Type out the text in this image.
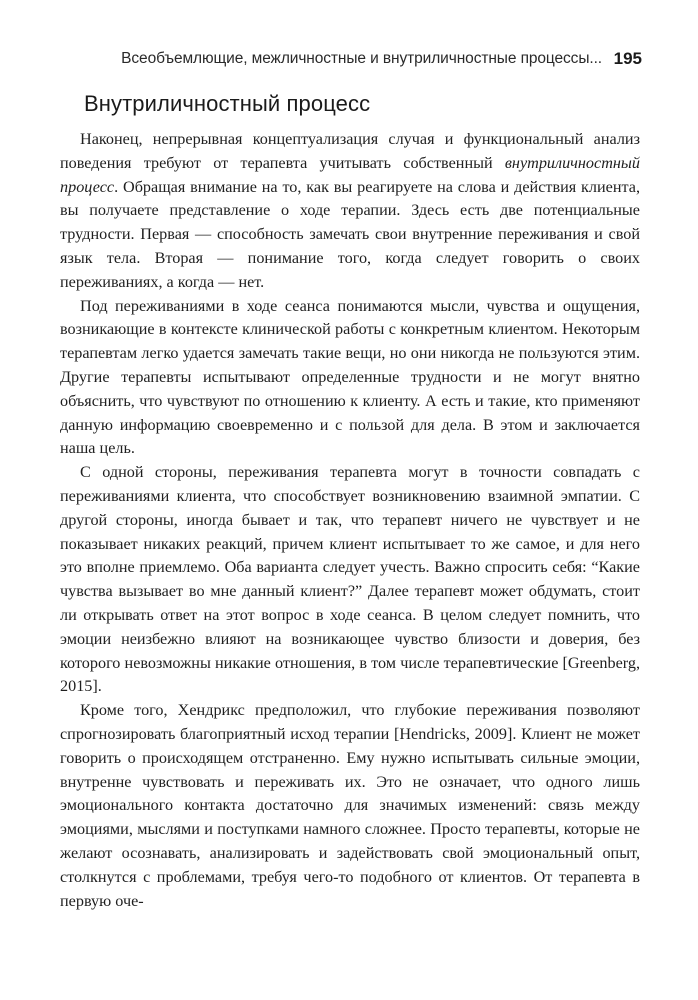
Всеобъемлющие, межличностные и внутриличностные процессы... 195
Внутриличностный процесс

Наконец, непрерывная концептуализация случая и функциональный анализ поведения требуют от терапевта учитывать собственный внутриличностный процесс. Обращая внимание на то, как вы реагируете на слова и действия клиента, вы получаете представление о ходе терапии. Здесь есть две потенциальные трудности. Первая — способность замечать свои внутренние переживания и свой язык тела. Вторая — понимание того, когда следует говорить о своих переживаниях, а когда — нет.

Под переживаниями в ходе сеанса понимаются мысли, чувства и ощущения, возникающие в контексте клинической работы с конкретным клиентом. Некоторым терапевтам легко удается замечать такие вещи, но они никогда не пользуются этим. Другие терапевты испытывают определенные трудности и не могут внятно объяснить, что чувствуют по отношению к клиенту. А есть и такие, кто применяют данную информацию своевременно и с пользой для дела. В этом и заключается наша цель.

С одной стороны, переживания терапевта могут в точности совпадать с переживаниями клиента, что способствует возникновению взаимной эмпатии. С другой стороны, иногда бывает и так, что терапевт ничего не чувствует и не показывает никаких реакций, причем клиент испытывает то же самое, и для него это вполне приемлемо. Оба варианта следует учесть. Важно спросить себя: “Какие чувства вызывает во мне данный клиент?” Далее терапевт может обдумать, стоит ли открывать ответ на этот вопрос в ходе сеанса. В целом следует помнить, что эмоции неизбежно влияют на возникающее чувство близости и доверия, без которого невозможны никакие отношения, в том числе терапевтические [Greenberg, 2015].

Кроме того, Хендрикс предположил, что глубокие переживания позволяют спрогнозировать благоприятный исход терапии [Hendricks, 2009]. Клиент не может говорить о происходящем отстраненно. Ему нужно испытывать сильные эмоции, внутренне чувствовать и переживать их. Это не означает, что одного лишь эмоционального контакта достаточно для значимых изменений: связь между эмоциями, мыслями и поступками намного сложнее. Просто терапевты, которые не желают осознавать, анализировать и задействовать свой эмоциональный опыт, столкнутся с проблемами, требуя чего-то подобного от клиентов. От терапевта в первую оче-
